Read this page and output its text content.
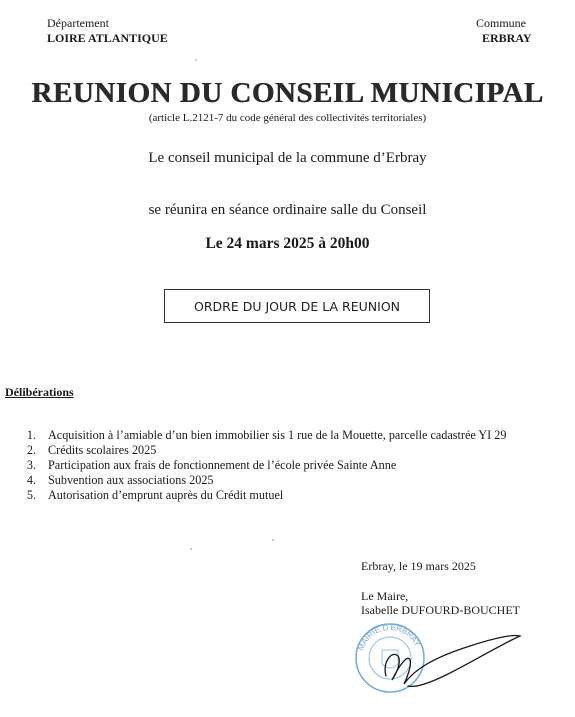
Département
LOIRE ATLANTIQUE
Commune
ERBRAY
REUNION DU CONSEIL MUNICIPAL
(article L.2121-7 du code général des collectivités territoriales)
Le conseil municipal de la commune d’Erbray
se réunira en séance ordinaire salle du Conseil
Le 24 mars 2025 à 20h00
ORDRE DU JOUR DE LA REUNION
Délibérations
1. Acquisition à l’amiable d’un bien immobilier sis 1 rue de la Mouette, parcelle cadastrée YI 29
2. Crédits scolaires 2025
3. Participation aux frais de fonctionnement de l’école privée Sainte Anne
4. Subvention aux associations 2025
5. Autorisation d’emprunt auprès du Crédit mutuel
Erbray, le 19 mars 2025
Le Maire,
Isabelle DUFOURD-BOUCHET
MAIRIE D'ERBRAY
